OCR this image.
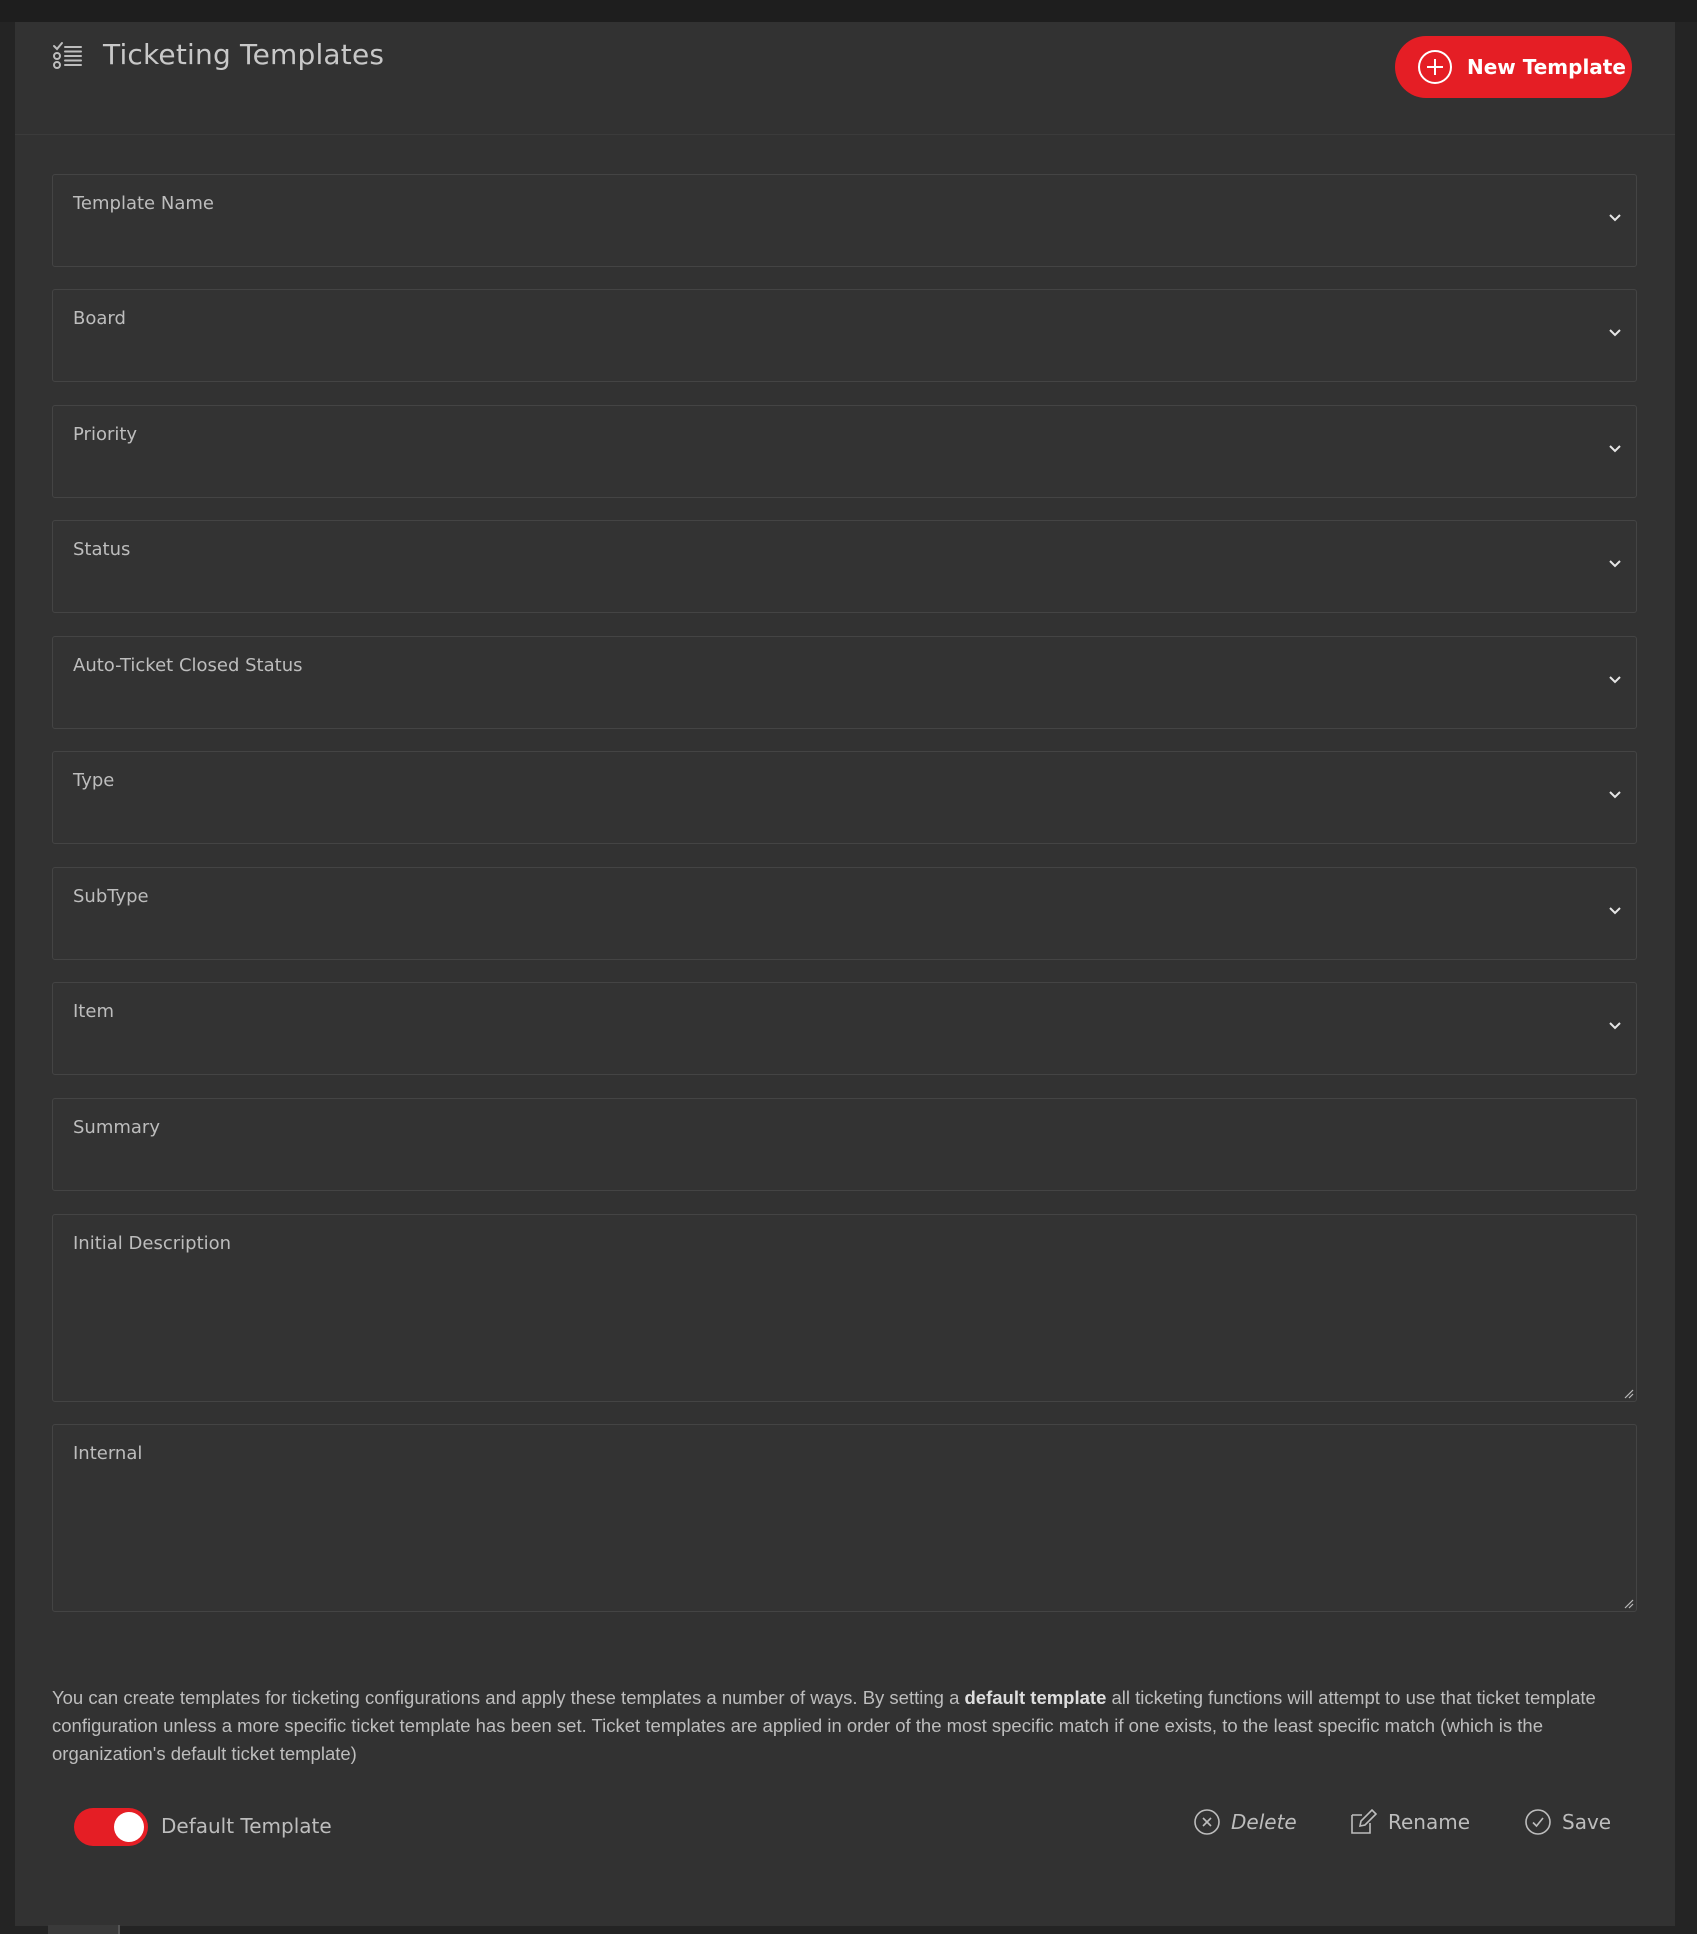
Ticketing Templates	New Template
Template Name
Board
Priority
Status
Auto-Ticket Closed Status
Type
SubType
Item
Summary
Initial Description
Internal
You can create templates for ticketing configurations and apply these templates a number of ways. By setting a default template all ticketing functions will attempt to use that ticket template configuration unless a more specific ticket template has been set. Ticket templates are applied in order of the most specific match if one exists, to the least specific match (which is the organization's default ticket template)
Default Template	Delete	Rename	Save
